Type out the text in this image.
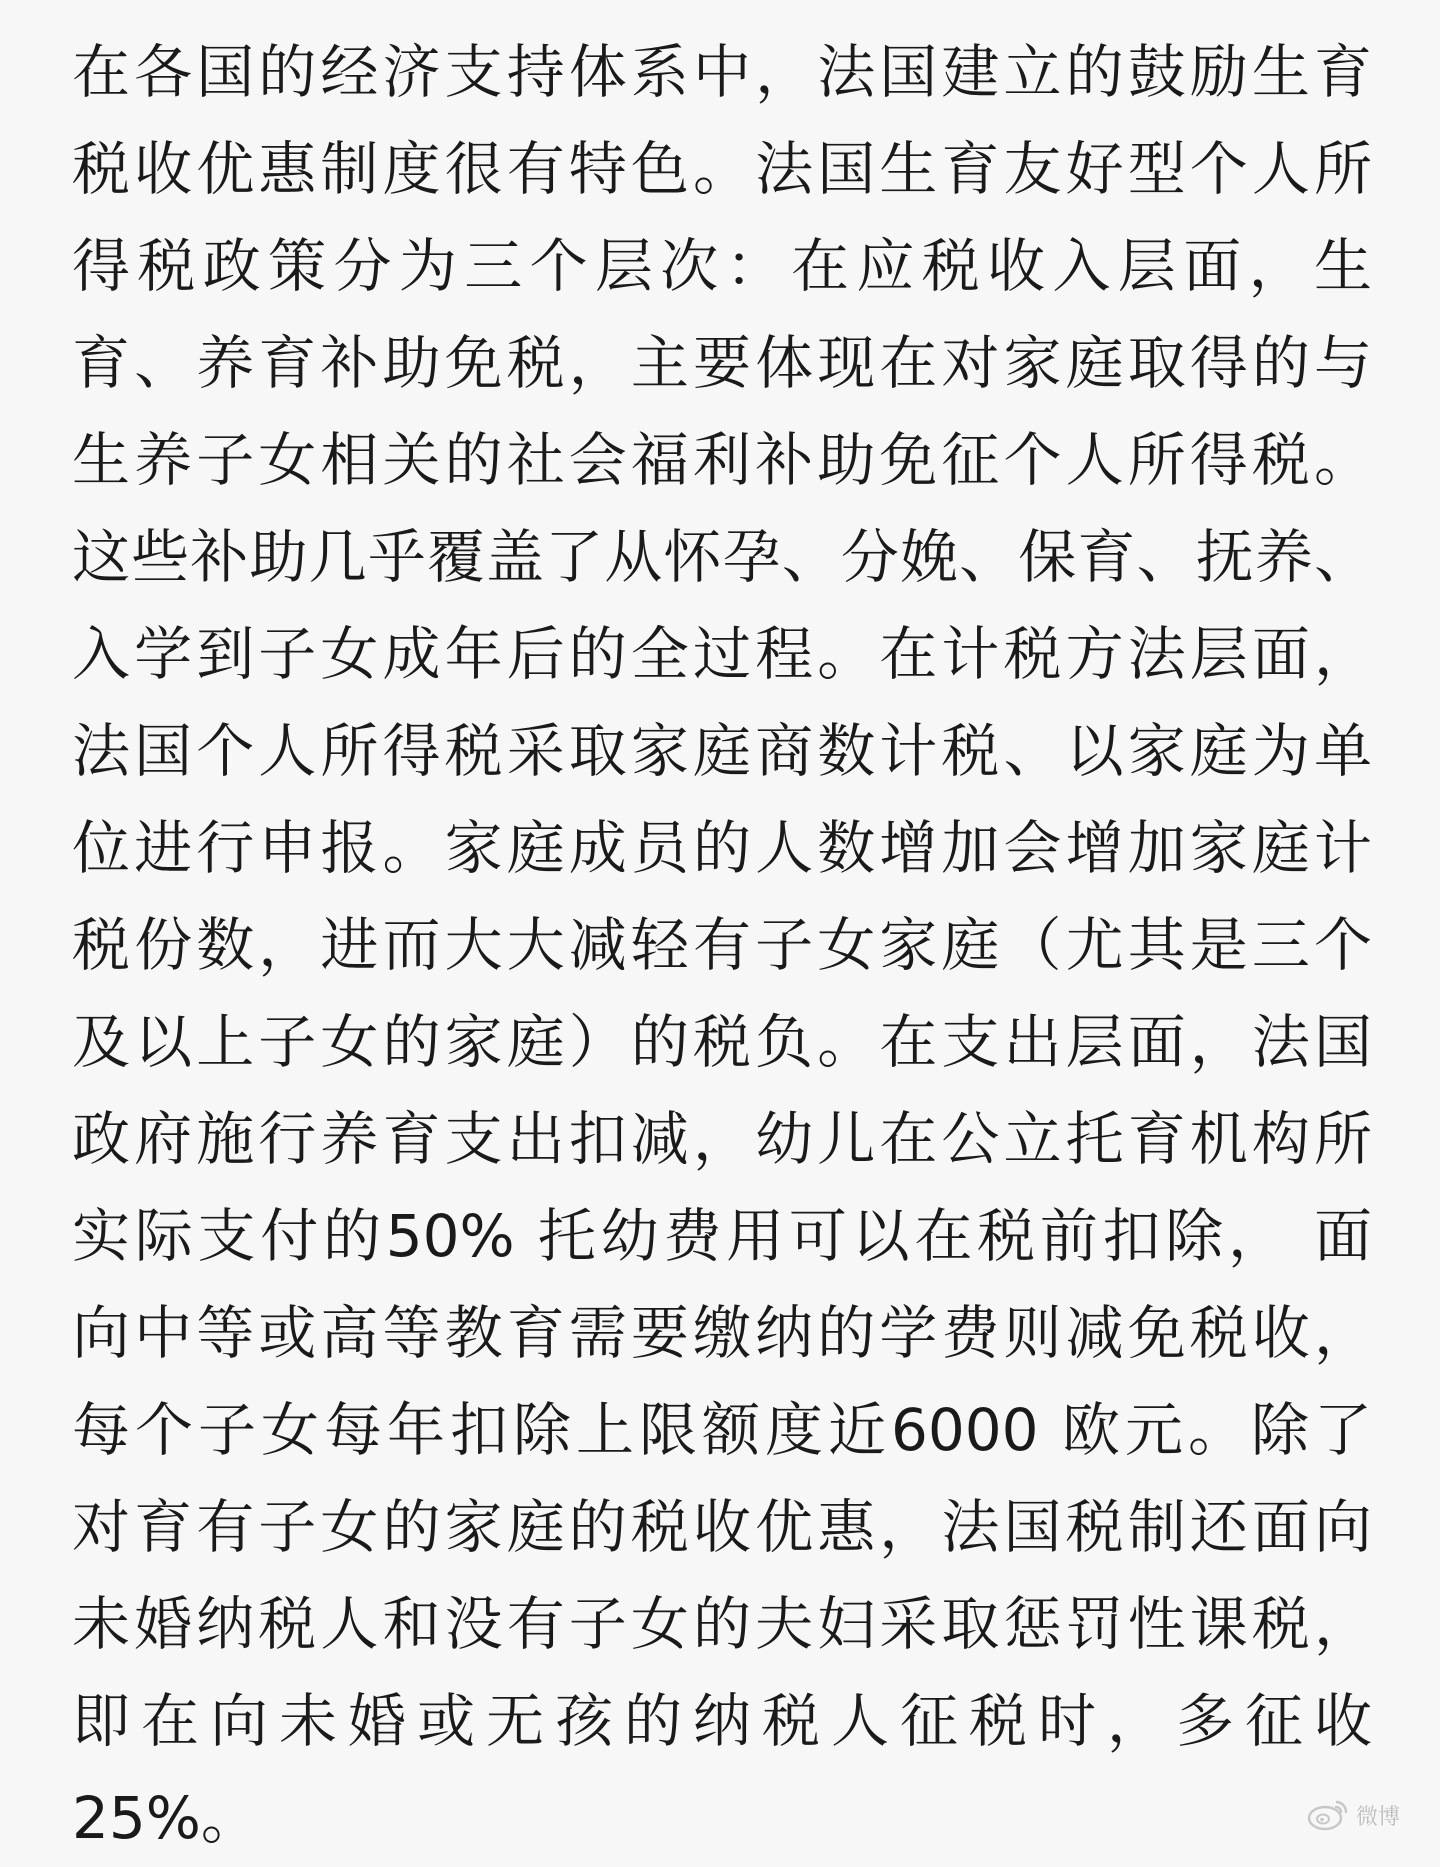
在各国的经济支持体系中，法国建立的鼓励生育
税收优惠制度很有特色。法国生育友好型个人所
得税政策分为三个层次：在应税收入层面，生
育、养育补助免税，主要体现在对家庭取得的与
生养子女相关的社会福利补助免征个人所得税。
这些补助几乎覆盖了从怀孕、分娩、保育、抚养、
入学到子女成年后的全过程。在计税方法层面，
法国个人所得税采取家庭商数计税、以家庭为单
位进行申报。家庭成员的人数增加会增加家庭计
税份数，进而大大减轻有子女家庭（尤其是三个
及以上子女的家庭）的税负。在支出层面，法国
政府施行养育支出扣减，幼儿在公立托育机构所
实际支付的50% 托幼费用可以在税前扣除， 面
向中等或高等教育需要缴纳的学费则减免税收，
每个子女每年扣除上限额度近6000 欧元。除了
对育有子女的家庭的税收优惠，法国税制还面向
未婚纳税人和没有子女的夫妇采取惩罚性课税，
即在向未婚或无孩的纳税人征税时，多征收
25%。	微博
